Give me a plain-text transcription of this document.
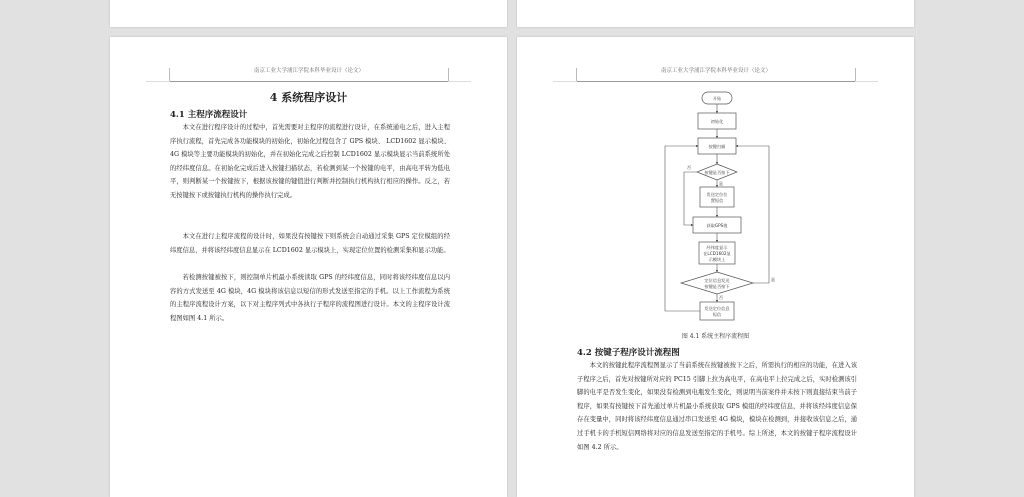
南京工业大学浦江学院本科毕业设计（论文）
4 系统程序设计
4.1 主程序流程设计

本文在进行程序设计的过程中，首先需要对主程序的流程进行设计，在系统通电之后，进入主程序执行流程，首先完成各功能模块的初始化，初始化过程包含了 GPS 模块、 LCD1602 显示模块、4G 模块等主要功能模块的初始化，并在初始化完成之后控制 LCD1602 显示模块显示当前系统所处的经纬度信息。在初始化完成后进入按键扫描状态，若检测到某一个按键的电平，由高电平转为低电平，则判断某一个按键按下，根据该按键的键值进行判断并控制执行机构执行相应的操作。反之，若无按键按下或按键执行机构的操作执行完成。

本文在进行主程序流程的设计时，如果没有按键按下则系统会自动通过采集 GPS 定位模组的经纬度信息，并将该经纬度信息显示在 LCD1602 显示模块上，实现定位位置的检测采集和显示功能。

若检测按键被按下，则控制单片机最小系统读取 GPS 的经纬度信息，同时将该经纬度信息以内容的方式发送至 4G 模块，4G 模块将该信息以短信的形式发送至指定的手机。以上工作流程为系统的主程序流程设计方案，以下对主程序列式中各执行子程序的流程图进行设计。本文的主程序设计流程图如图 4.1 所示。

南京工业大学浦江学院本科毕业设计（论文）
开始
初始化
按键扫描
按键是否按下
发送定位位
置短信
获取GPS值
经纬度显示
在LCD1602显
示模块上
定位信息发送
按键是否按下
发送定位信息
短信
否
是
是
否
图 4.1 系统主程序流程图
4.2 按键子程序设计流程图

本文的按键此程序流程图显示了当前系统在按键被按下之后，所需执行的相应的功能，在进入该子程序之后，首先对按键所对应的 PC15 引脚上拉为高电平，在高电平上拉完成之后，实时检测该引脚的电平是否发生变化，如果没有检测到电瓶发生变化，则说明当前案件并未按下则直接结束当前子程序，如果有按键按下首先通过单片机最小系统获取 GPS 模组的经纬度信息，并将该经纬度信息保存在变量中，同时将该经纬度信息通过串口发送至 4G 模块，模块在检测到，并接收该信息之后，通过手机卡的手机短信网络将对应的信息发送至指定的手机号。综上所述，本文的按键子程序流程设计如图 4.2 所示。
